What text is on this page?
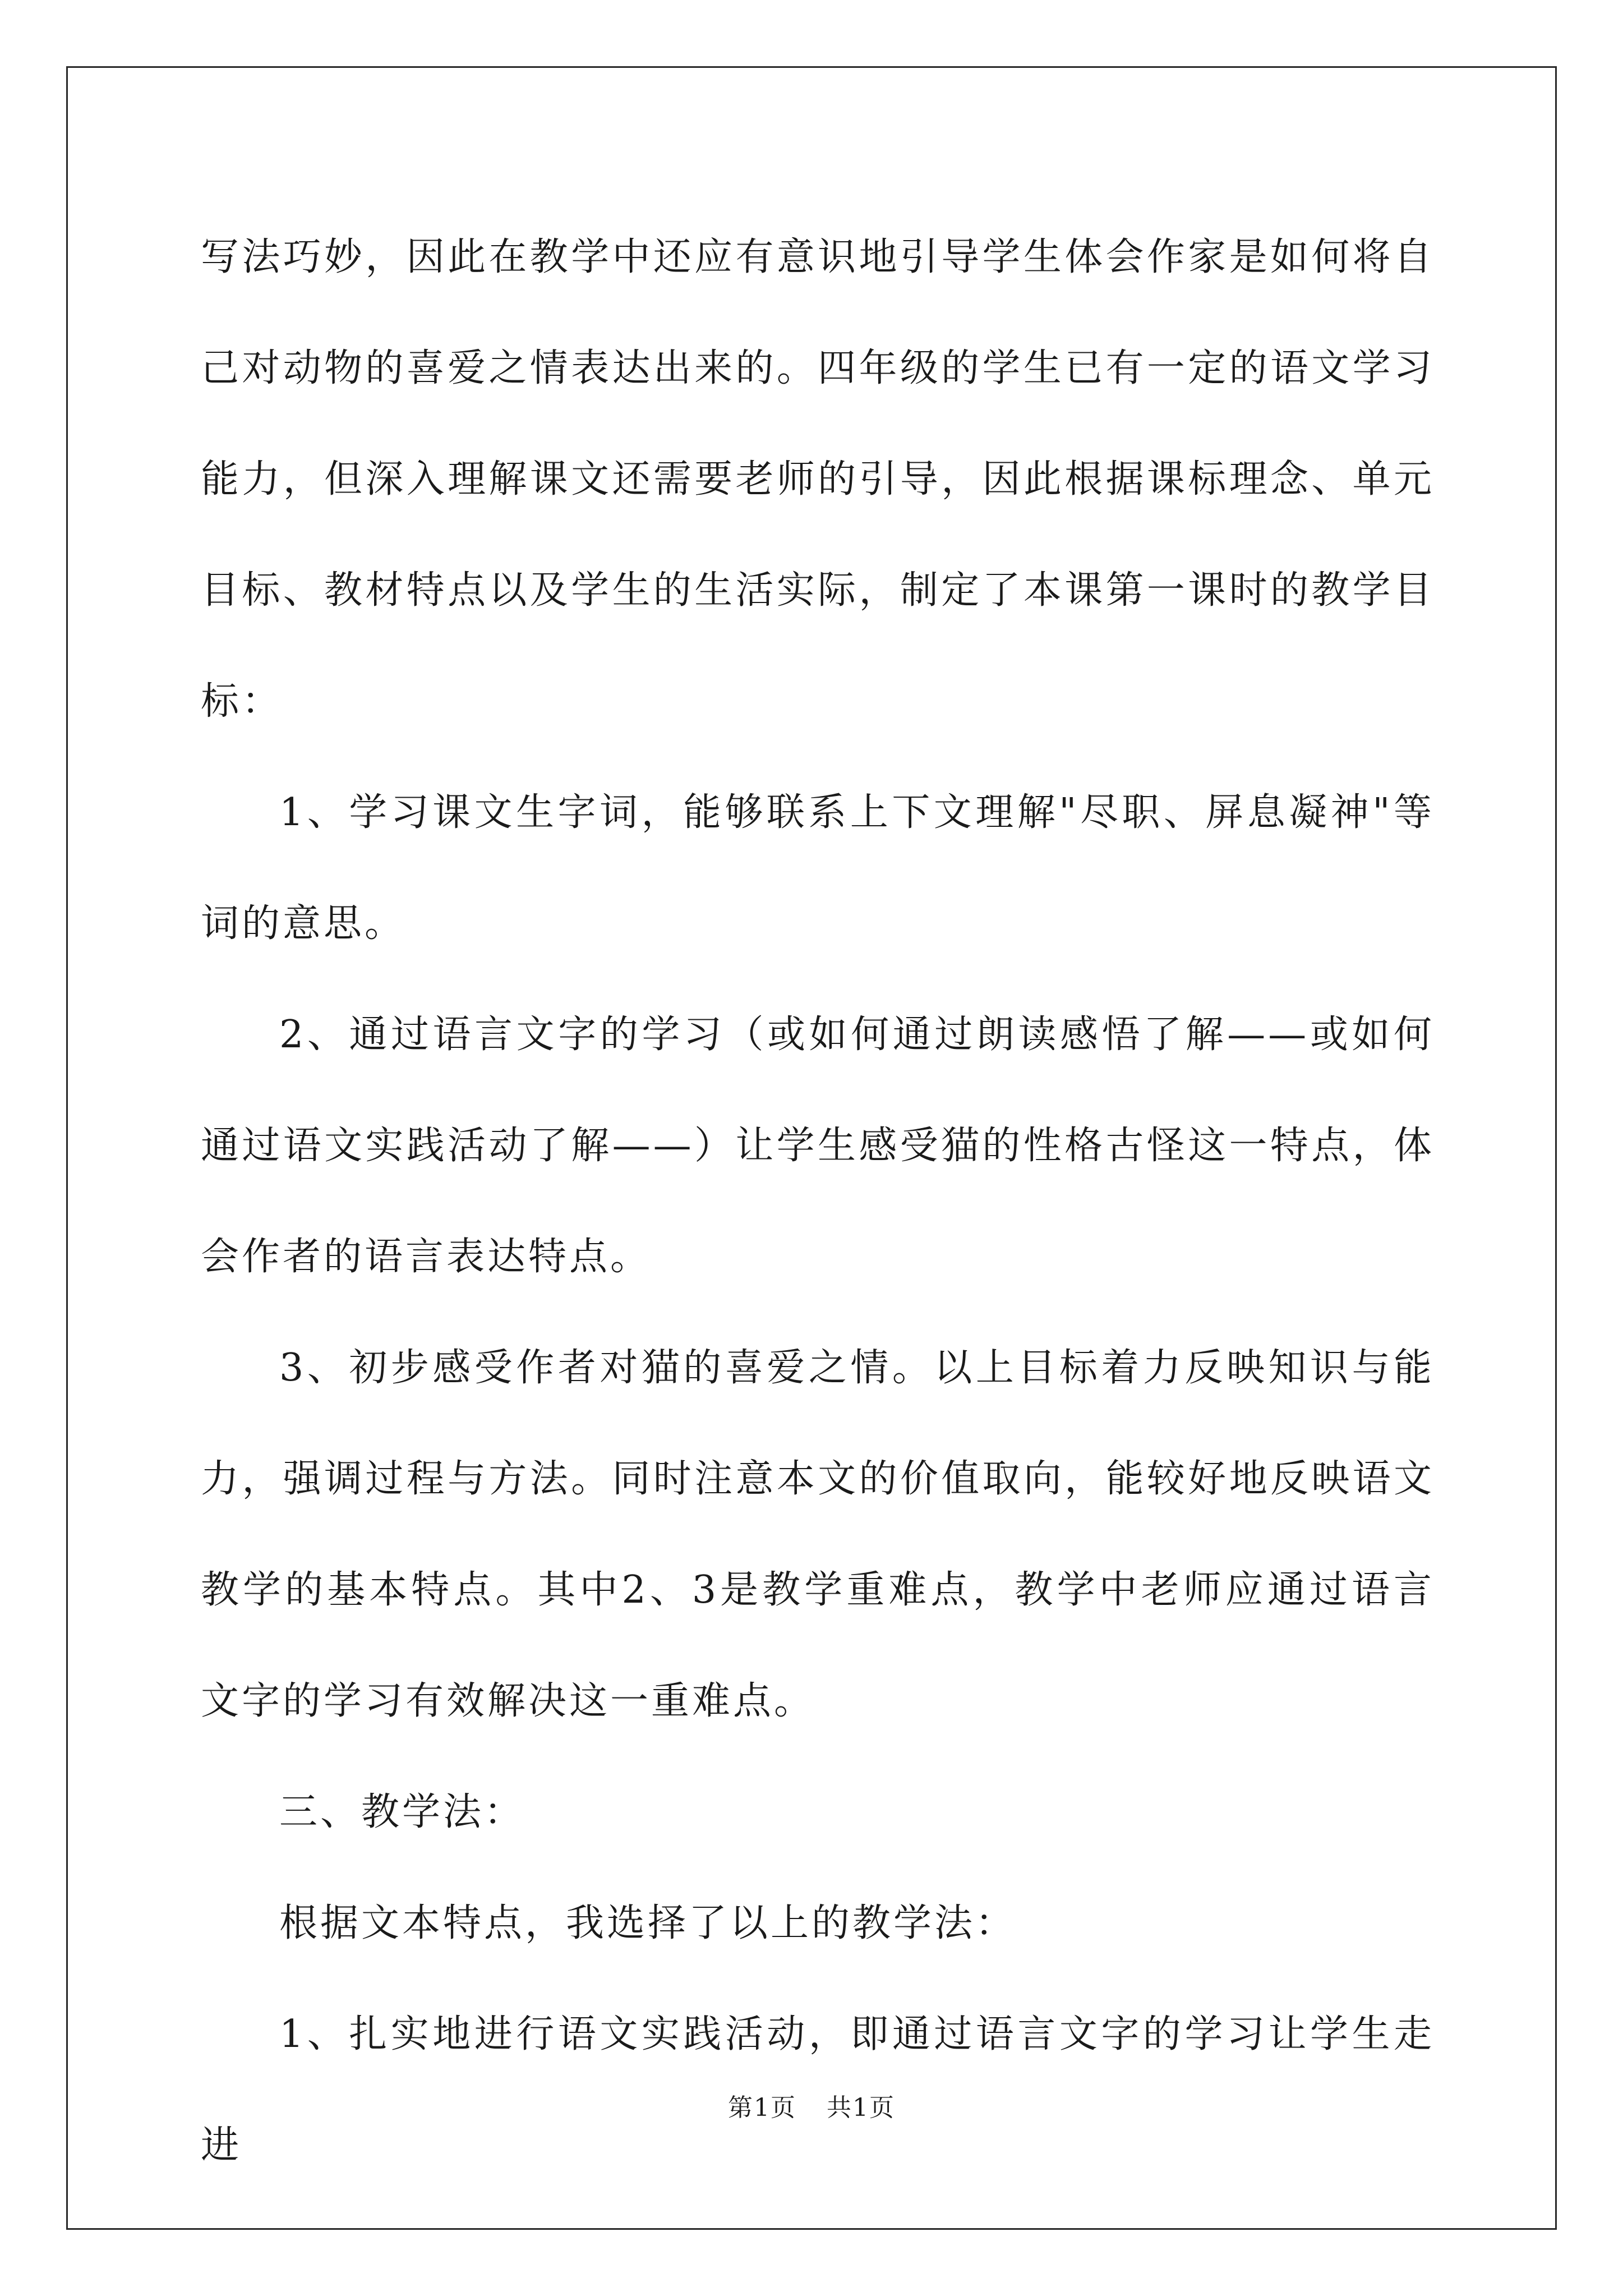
写法巧妙，因此在教学中还应有意识地引导学生体会作家是如何将自己对动物的喜爱之情表达出来的。四年级的学生已有一定的语文学习能力，但深入理解课文还需要老师的引导，因此根据课标理念、单元目标、教材特点以及学生的生活实际，制定了本课第一课时的教学目标：

1、学习课文生字词，能够联系上下文理解"尽职、屏息凝神"等词的意思。

2、通过语言文字的学习（或如何通过朗读感悟了解——或如何通过语文实践活动了解——）让学生感受猫的性格古怪这一特点，体会作者的语言表达特点。

3、初步感受作者对猫的喜爱之情。以上目标着力反映知识与能力，强调过程与方法。同时注意本文的价值取向，能较好地反映语文教学的基本特点。其中2、3是教学重难点，教学中老师应通过语言文字的学习有效解决这一重难点。

三、教学法：

根据文本特点，我选择了以上的教学法：

1、扎实地进行语文实践活动，即通过语言文字的学习让学生走进

第1页 共1页
